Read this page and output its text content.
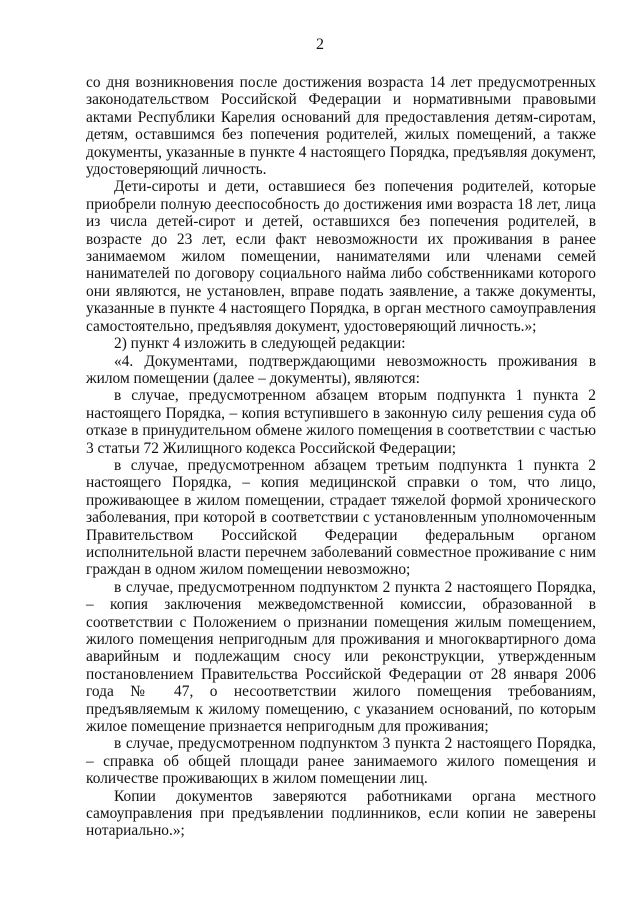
2

со дня возникновения после достижения возраста 14 лет предусмотренных законодательством Российской Федерации и нормативными правовыми актами Республики Карелия оснований для предоставления детям-сиротам, детям, оставшимся без попечения родителей, жилых помещений, а также документы, указанные в пункте 4 настоящего Порядка, предъявляя документ, удостоверяющий личность.

Дети-сироты и дети, оставшиеся без попечения родителей, которые приобрели полную дееспособность до достижения ими возраста 18 лет, лица из числа детей-сирот и детей, оставшихся без попечения родителей, в возрасте до 23 лет, если факт невозможности их проживания в ранее занимаемом жилом помещении, нанимателями или членами семей нанимателей по договору социального найма либо собственниками которого они являются, не установлен, вправе подать заявление, а также документы, указанные в пункте 4 настоящего Порядка, в орган местного самоуправления самостоятельно, предъявляя документ, удостоверяющий личность.»;

2) пункт 4 изложить в следующей редакции:

«4. Документами, подтверждающими невозможность проживания в жилом помещении (далее – документы), являются:

в случае, предусмотренном абзацем вторым подпункта 1 пункта 2 настоящего Порядка, – копия вступившего в законную силу решения суда об отказе в принудительном обмене жилого помещения в соответствии с частью 3 статьи 72 Жилищного кодекса Российской Федерации;

в случае, предусмотренном абзацем третьим подпункта 1 пункта 2 настоящего Порядка, – копия медицинской справки о том, что лицо, проживающее в жилом помещении, страдает тяжелой формой хронического заболевания, при которой в соответствии с установленным уполномоченным Правительством Российской Федерации федеральным органом исполнительной власти перечнем заболеваний совместное проживание с ним граждан в одном жилом помещении невозможно;

в случае, предусмотренном подпунктом 2 пункта 2 настоящего Порядка, – копия заключения межведомственной комиссии, образованной в соответствии с Положением о признании помещения жилым помещением, жилого помещения непригодным для проживания и многоквартирного дома аварийным и подлежащим сносу или реконструкции, утвержденным постановлением Правительства Российской Федерации от 28 января 2006 года № 47, о несоответствии жилого помещения требованиям, предъявляемым к жилому помещению, с указанием оснований, по которым жилое помещение признается непригодным для проживания;

в случае, предусмотренном подпунктом 3 пункта 2 настоящего Порядка, – справка об общей площади ранее занимаемого жилого помещения и количестве проживающих в жилом помещении лиц.

Копии документов заверяются работниками органа местного самоуправления при предъявлении подлинников, если копии не заверены нотариально.»;
